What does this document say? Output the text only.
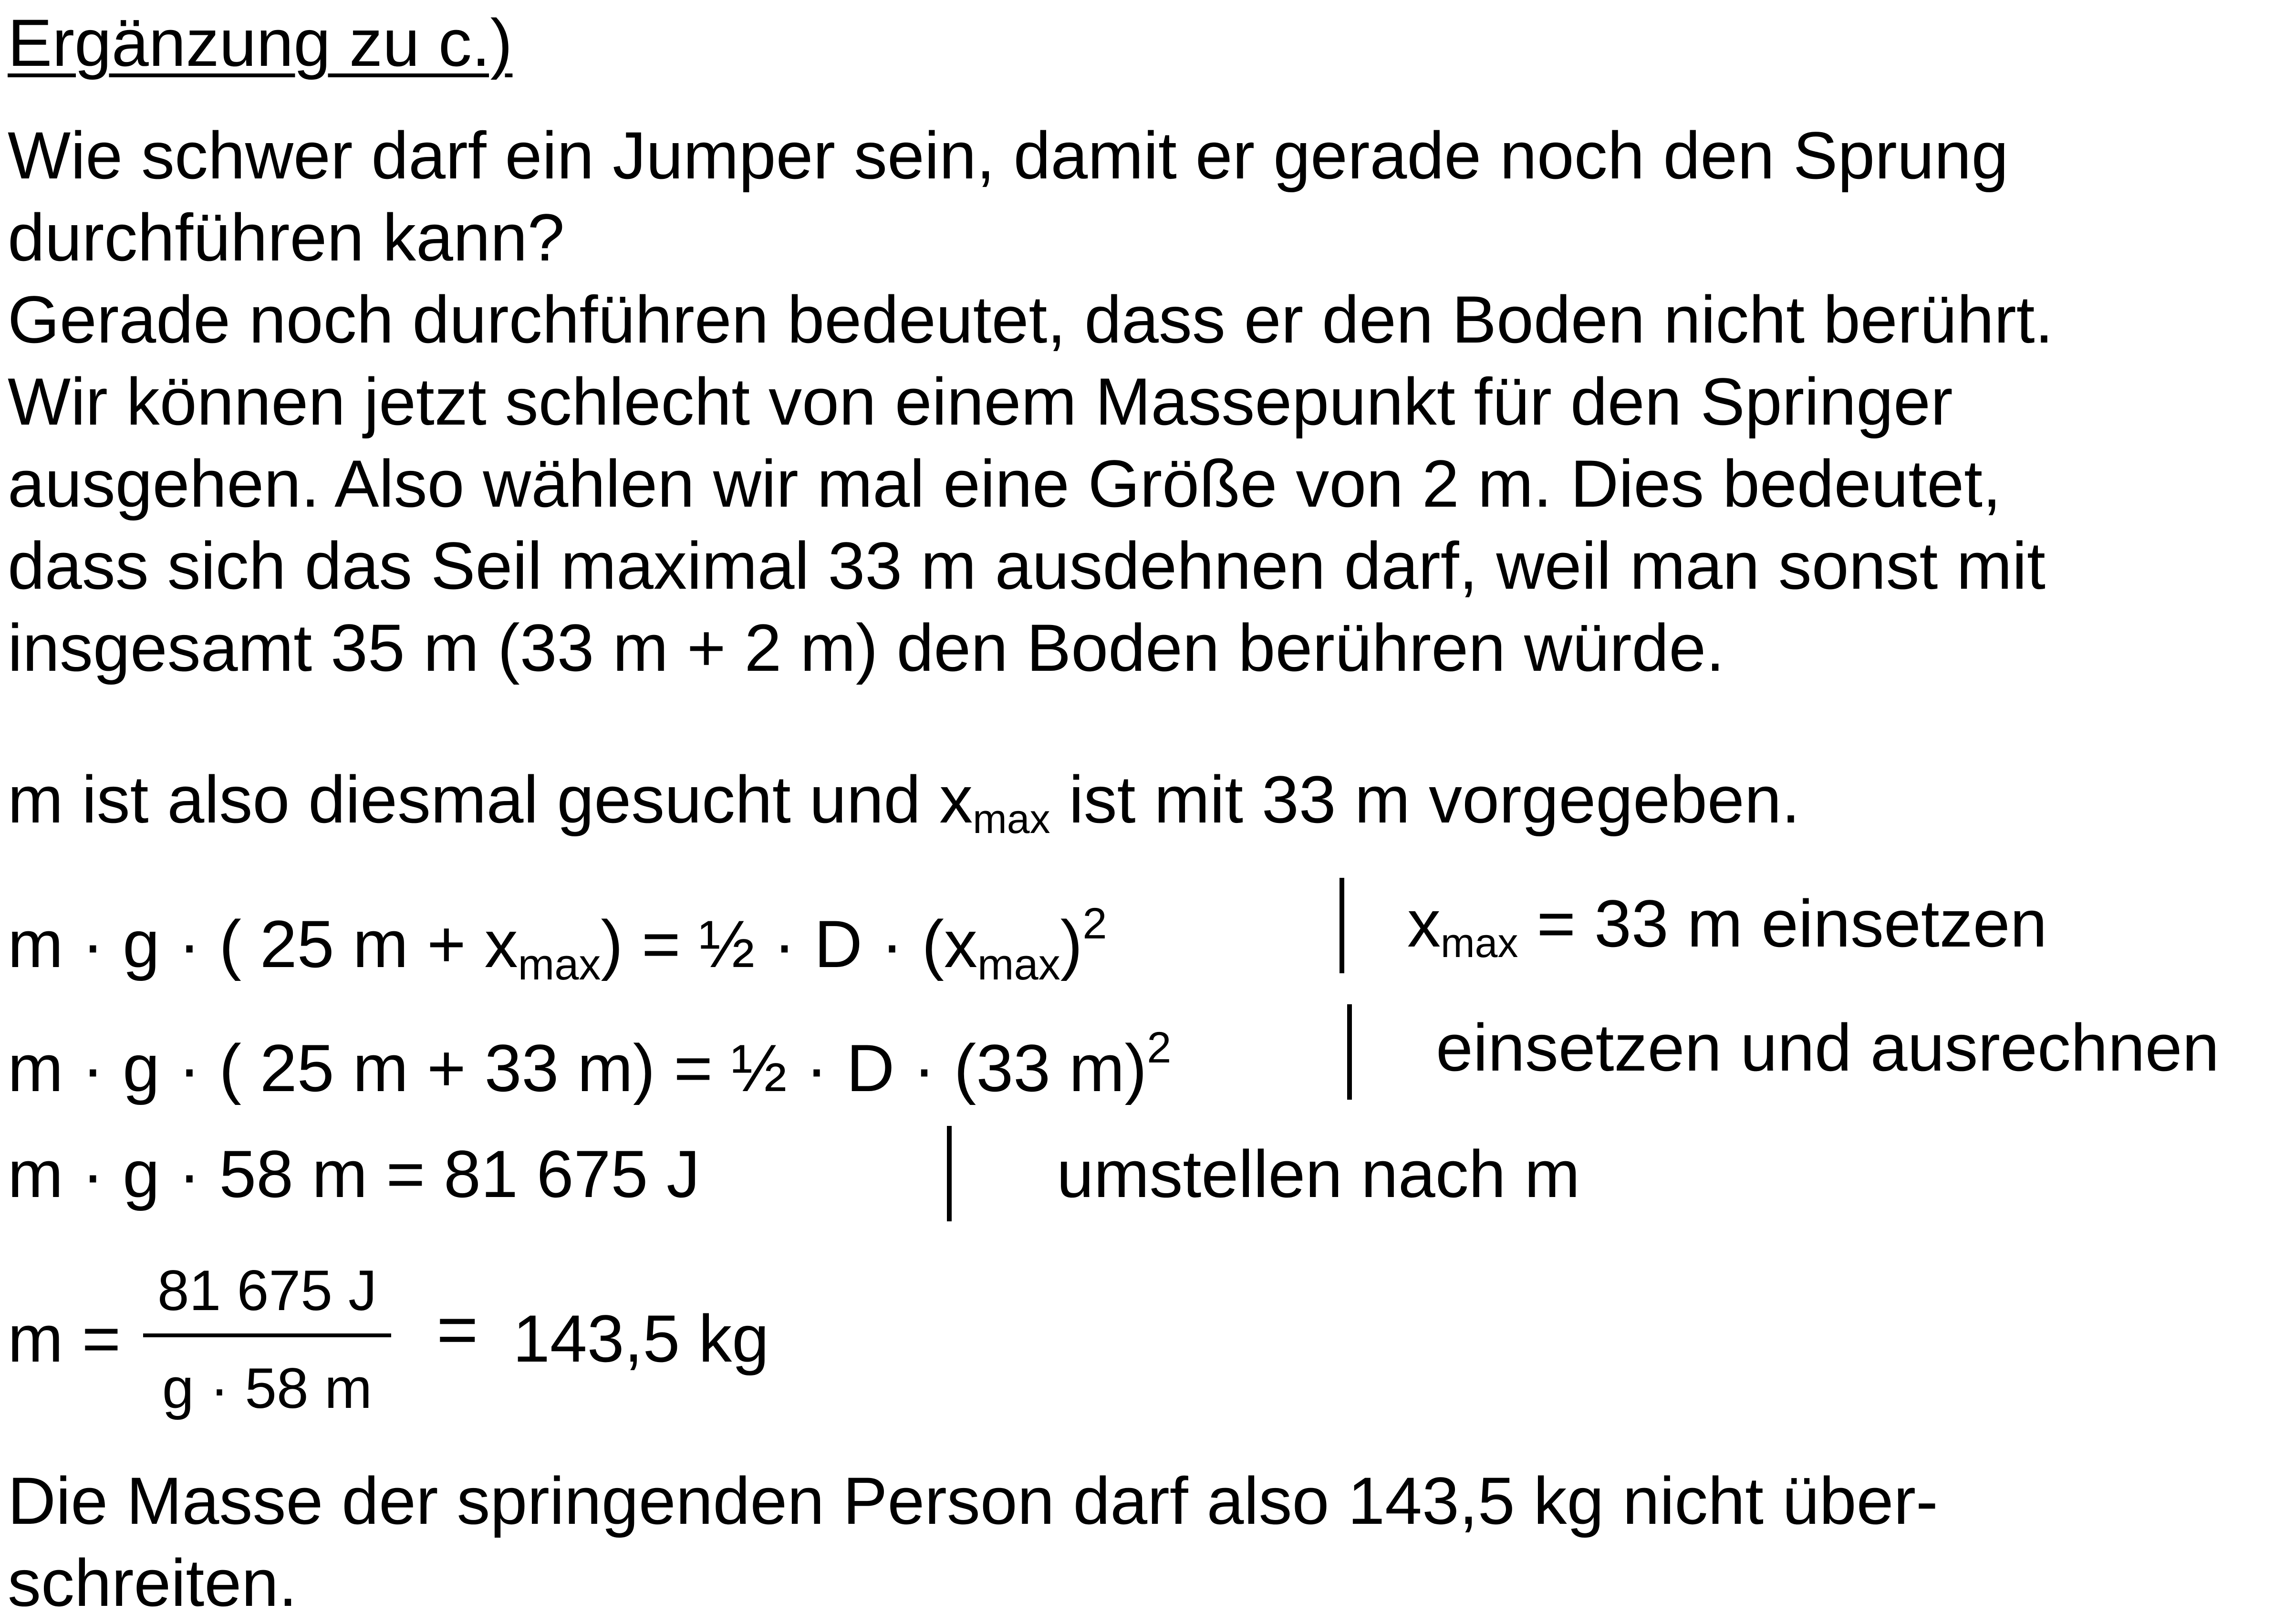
Ergänzung zu c.)
Wie schwer darf ein Jumper sein, damit er gerade noch den Sprung
durchführen kann?
Gerade noch durchführen bedeutet, dass er den Boden nicht berührt.
Wir können jetzt schlecht von einem Massepunkt für den Springer
ausgehen. Also wählen wir mal eine Größe von 2 m. Dies bedeutet,
dass sich das Seil maximal 33 m ausdehnen darf, weil man sonst mit
insgesamt 35 m (33 m + 2 m) den Boden berühren würde.
m ist also diesmal gesucht und xmax ist mit 33 m vorgegeben.
m · g · ( 25 $m + x_{max}$) = ½ · $D \cdot (x_{max})^2$	xmax = 33 m einsetzen
m · g · ( 25 m + 33 m) = ½ · D · (33 m)$^2$	einsetzen und ausrechnen
m · g · 58 m = 81 675 J	umstellen nach m
m =
81 675 J
g · 58 m
= 143,5 kg
Die Masse der springenden Person darf also 143,5 kg nicht über-
schreiten.
